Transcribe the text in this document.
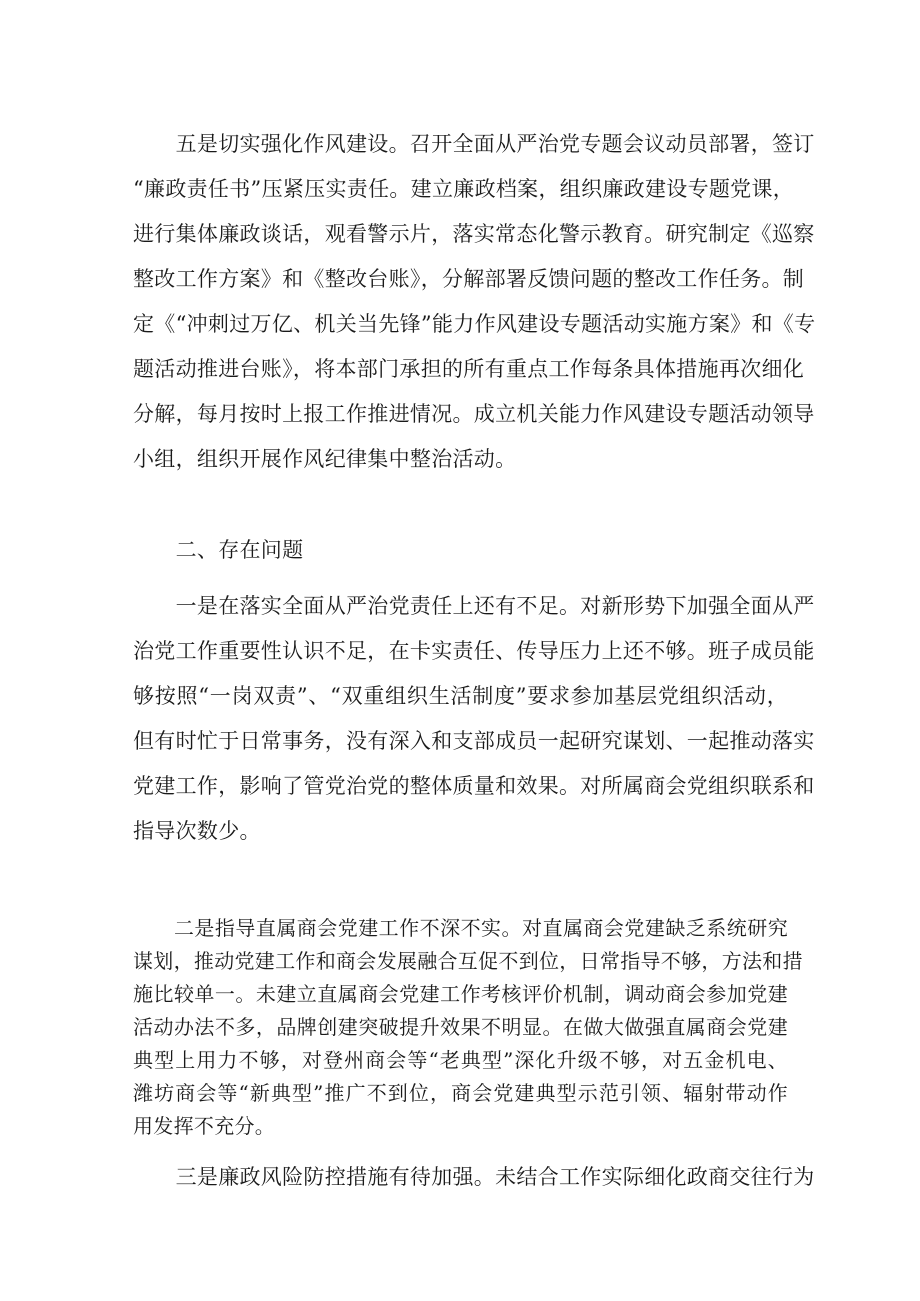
　　五是切实强化作风建设。召开全面从严治党专题会议动员部署，签订
“廉政责任书”压紧压实责任。建立廉政档案，组织廉政建设专题党课，
进行集体廉政谈话，观看警示片，落实常态化警示教育。研究制定《巡察
整改工作方案》和《整改台账》，分解部署反馈问题的整改工作任务。制
定《“冲刺过万亿、机关当先锋”能力作风建设专题活动实施方案》和《专
题活动推进台账》，将本部门承担的所有重点工作每条具体措施再次细化
分解，每月按时上报工作推进情况。成立机关能力作风建设专题活动领导
小组，组织开展作风纪律集中整治活动。
　　二、存在问题
　　一是在落实全面从严治党责任上还有不足。对新形势下加强全面从严
治党工作重要性认识不足，在卡实责任、传导压力上还不够。班子成员能
够按照“一岗双责”、“双重组织生活制度”要求参加基层党组织活动，
但有时忙于日常事务，没有深入和支部成员一起研究谋划、一起推动落实
党建工作，影响了管党治党的整体质量和效果。对所属商会党组织联系和
指导次数少。
　　二是指导直属商会党建工作不深不实。对直属商会党建缺乏系统研究
谋划，推动党建工作和商会发展融合互促不到位，日常指导不够，方法和措
施比较单一。未建立直属商会党建工作考核评价机制，调动商会参加党建
活动办法不多，品牌创建突破提升效果不明显。在做大做强直属商会党建
典型上用力不够，对登州商会等“老典型”深化升级不够，对五金机电、
潍坊商会等“新典型”推广不到位，商会党建典型示范引领、辐射带动作
用发挥不充分。
　　三是廉政风险防控措施有待加强。未结合工作实际细化政商交往行为
